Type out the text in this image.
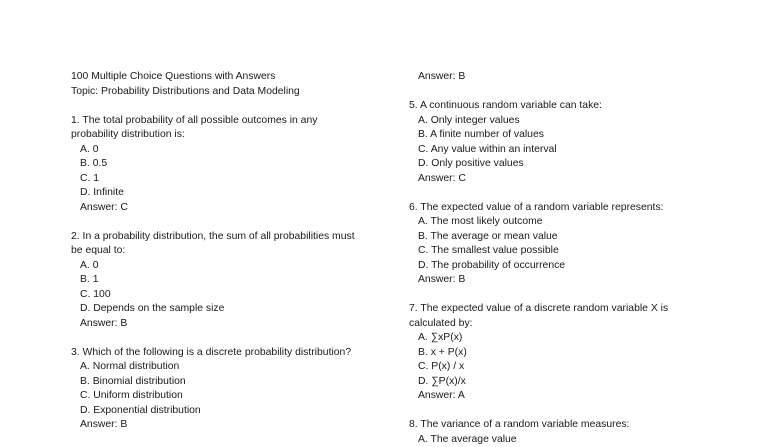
100 Multiple Choice Questions with Answers
Topic: Probability Distributions and Data Modeling
1. The total probability of all possible outcomes in any
probability distribution is:
A. 0
B. 0.5
C. 1
D. Infinite
Answer: C
2. In a probability distribution, the sum of all probabilities must
be equal to:
A. 0
B. 1
C. 100
D. Depends on the sample size
Answer: B
3. Which of the following is a discrete probability distribution?
A. Normal distribution
B. Binomial distribution
C. Uniform distribution
D. Exponential distribution
Answer: B
Answer: B
5. A continuous random variable can take:
A. Only integer values
B. A finite number of values
C. Any value within an interval
D. Only positive values
Answer: C
6. The expected value of a random variable represents:
A. The most likely outcome
B. The average or mean value
C. The smallest value possible
D. The probability of occurrence
Answer: B
7. The expected value of a discrete random variable X is
calculated by:
A. ∑xP(x)
B. x + P(x)
C. P(x) / x
D. ∑P(x)/x
Answer: A
8. The variance of a random variable measures:
A. The average value
